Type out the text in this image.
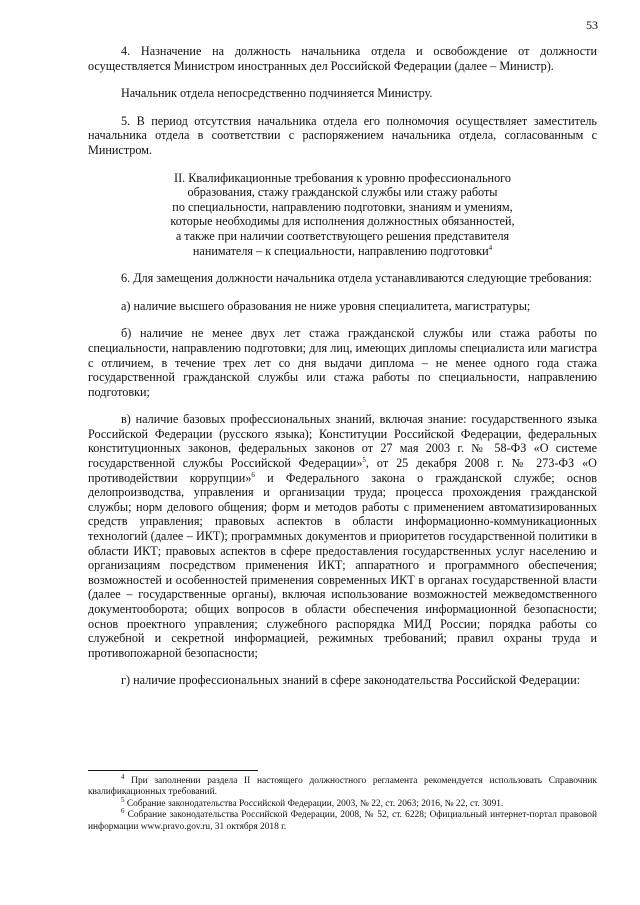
53

4. Назначение на должность начальника отдела и освобождение от должности осуществляется Министром иностранных дел Российской Федерации (далее – Министр).

Начальник отдела непосредственно подчиняется Министру.

5. В период отсутствия начальника отдела его полномочия осуществляет заместитель начальника отдела в соответствии с распоряжением начальника отдела, согласованным с Министром.

II. Квалификационные требования к уровню профессионального
образования, стажу гражданской службы или стажу работы
по специальности, направлению подготовки, знаниям и умениям,
которые необходимы для исполнения должностных обязанностей,
а также при наличии соответствующего решения представителя
нанимателя – к специальности, направлению подготовки$^4$

6. Для замещения должности начальника отдела устанавливаются следующие требования:

а) наличие высшего образования не ниже уровня специалитета, магистратуры;

б) наличие не менее двух лет стажа гражданской службы или стажа работы по специальности, направлению подготовки; для лиц, имеющих дипломы специалиста или магистра с отличием, в течение трех лет со дня выдачи диплома – не менее одного года стажа государственной гражданской службы или стажа работы по специальности, направлению подготовки;

в) наличие базовых профессиональных знаний, включая знание: государственного языка Российской Федерации (русского языка); Конституции Российской Федерации, федеральных конституционных законов, федеральных законов от 27 мая 2003 г. № 58-ФЗ «О системе государственной службы Российской Федерации»$^5$, от 25 декабря 2008 г. № 273-ФЗ «О противодействии коррупции»$^6$ и Федерального закона о гражданской службе; основ делопроизводства, управления и организации труда; процесса прохождения гражданской службы; норм делового общения; форм и методов работы с применением автоматизированных средств управления; правовых аспектов в области информационно-коммуникационных технологий (далее – ИКТ); программных документов и приоритетов государственной политики в области ИКТ; правовых аспектов в сфере предоставления государственных услуг населению и организациям посредством применения ИКТ; аппаратного и программного обеспечения; возможностей и особенностей применения современных ИКТ в органах государственной власти (далее – государственные органы), включая использование возможностей межведомственного документооборота; общих вопросов в области обеспечения информационной безопасности; основ проектного управления; служебного распорядка МИД России; порядка работы со служебной и секретной информацией, режимных требований; правил охраны труда и противопожарной безопасности;

г) наличие профессиональных знаний в сфере законодательства Российской Федерации:

$^4$ При заполнении раздела II настоящего должностного регламента рекомендуется использовать Справочник квалификационных требований.

$^5$ Собрание законодательства Российской Федерации, 2003, № 22, ст. 2063; 2016, № 22, ст. 3091.

$^6$ Собрание законодательства Российской Федерации, 2008, № 52, ст. 6228; Официальный интернет-портал правовой информации www.pravo.gov.ru, 31 октября 2018 г.
